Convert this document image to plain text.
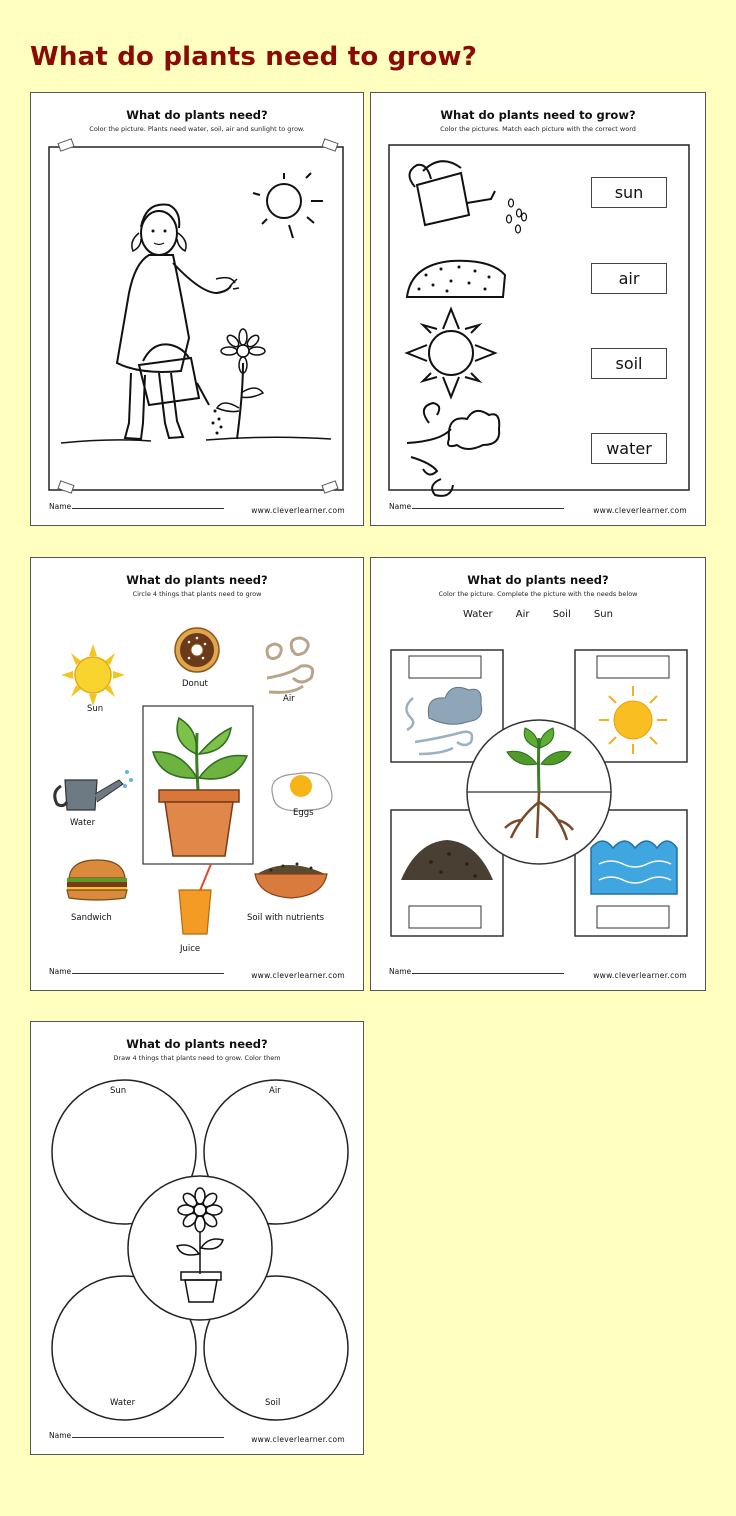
What do plants need to grow?
What do plants need?
Color the picture. Plants need water, soil, air and sunlight to grow.
Name	www.cleverlearner.com
What do plants need to grow?
Color the pictures. Match each picture with the correct word
sun
air
soil
water
Name	www.cleverlearner.com
What do plants need?
Circle 4 things that plants need to grow
Sun
Donut
Air
Water
Eggs
Sandwich
Juice
Soil with nutrients
Name	www.cleverlearner.com
What do plants need?
Color the picture. Complete the picture with the needs below
Water Air Soil Sun
Name	www.cleverlearner.com
What do plants need?
Draw 4 things that plants need to grow. Color them
Sun	Air
Water	Soil
Name	www.cleverlearner.com
